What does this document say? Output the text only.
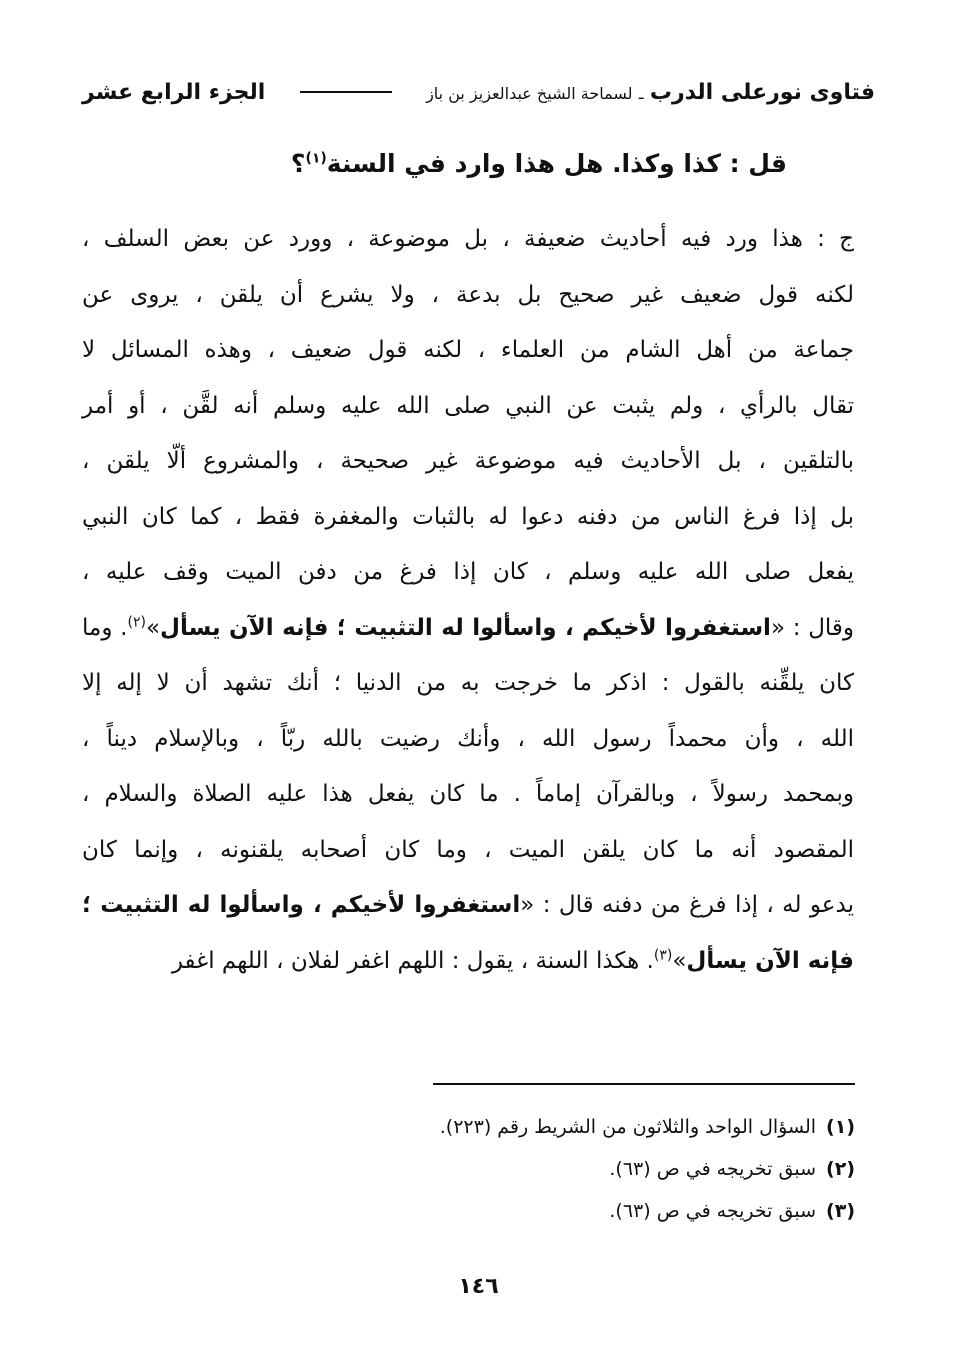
فتاوى نورعلى الدرب ـ لسماحة الشيخ عبدالعزيز بن باز
الجزء الرابع عشر
قل : كذا وكذا. هل هذا وارد في السنة$^{(١)}$؟
ج : هذا ورد فيه أحاديث ضعيفة ، بل موضوعة ، وورد عن بعض السلف ،
لكنه قول ضعيف غير صحيح بل بدعة ، ولا يشرع أن يلقن ، يروى عن
جماعة من أهل الشام من العلماء ، لكنه قول ضعيف ، وهذه المسائل لا
تقال بالرأي ، ولم يثبت عن النبي صلى الله عليه وسلم أنه لقَّن ، أو أمر
بالتلقين ، بل الأحاديث فيه موضوعة غير صحيحة ، والمشروع ألّا يلقن ،
بل إذا فرغ الناس من دفنه دعوا له بالثبات والمغفرة فقط ، كما كان النبي
يفعل صلى الله عليه وسلم ، كان إذا فرغ من دفن الميت وقف عليه ،
وقال : «استغفروا لأخيكم ، واسألوا له التثبيت ؛ فإنه الآن يسأل»$^{(٢)}$. وما
كان يلقِّنه بالقول : اذكر ما خرجت به من الدنيا ؛ أنك تشهد أن لا إله إلا
الله ، وأن محمداً رسول الله ، وأنك رضيت بالله ربّاً ، وبالإسلام ديناً ،
وبمحمد رسولاً ، وبالقرآن إماماً . ما كان يفعل هذا عليه الصلاة والسلام ،
المقصود أنه ما كان يلقن الميت ، وما كان أصحابه يلقنونه ، وإنما كان
يدعو له ، إذا فرغ من دفنه قال : «استغفروا لأخيكم ، واسألوا له التثبيت ؛
فإنه الآن يسأل»$^{(٣)}$. هكذا السنة ، يقول : اللهم اغفر لفلان ، اللهم اغفر
(١)السؤال الواحد والثلاثون من الشريط رقم (٢٢٣).
(٢)سبق تخريجه في ص (٦٣).
(٣)سبق تخريجه في ص (٦٣).
١٤٦
